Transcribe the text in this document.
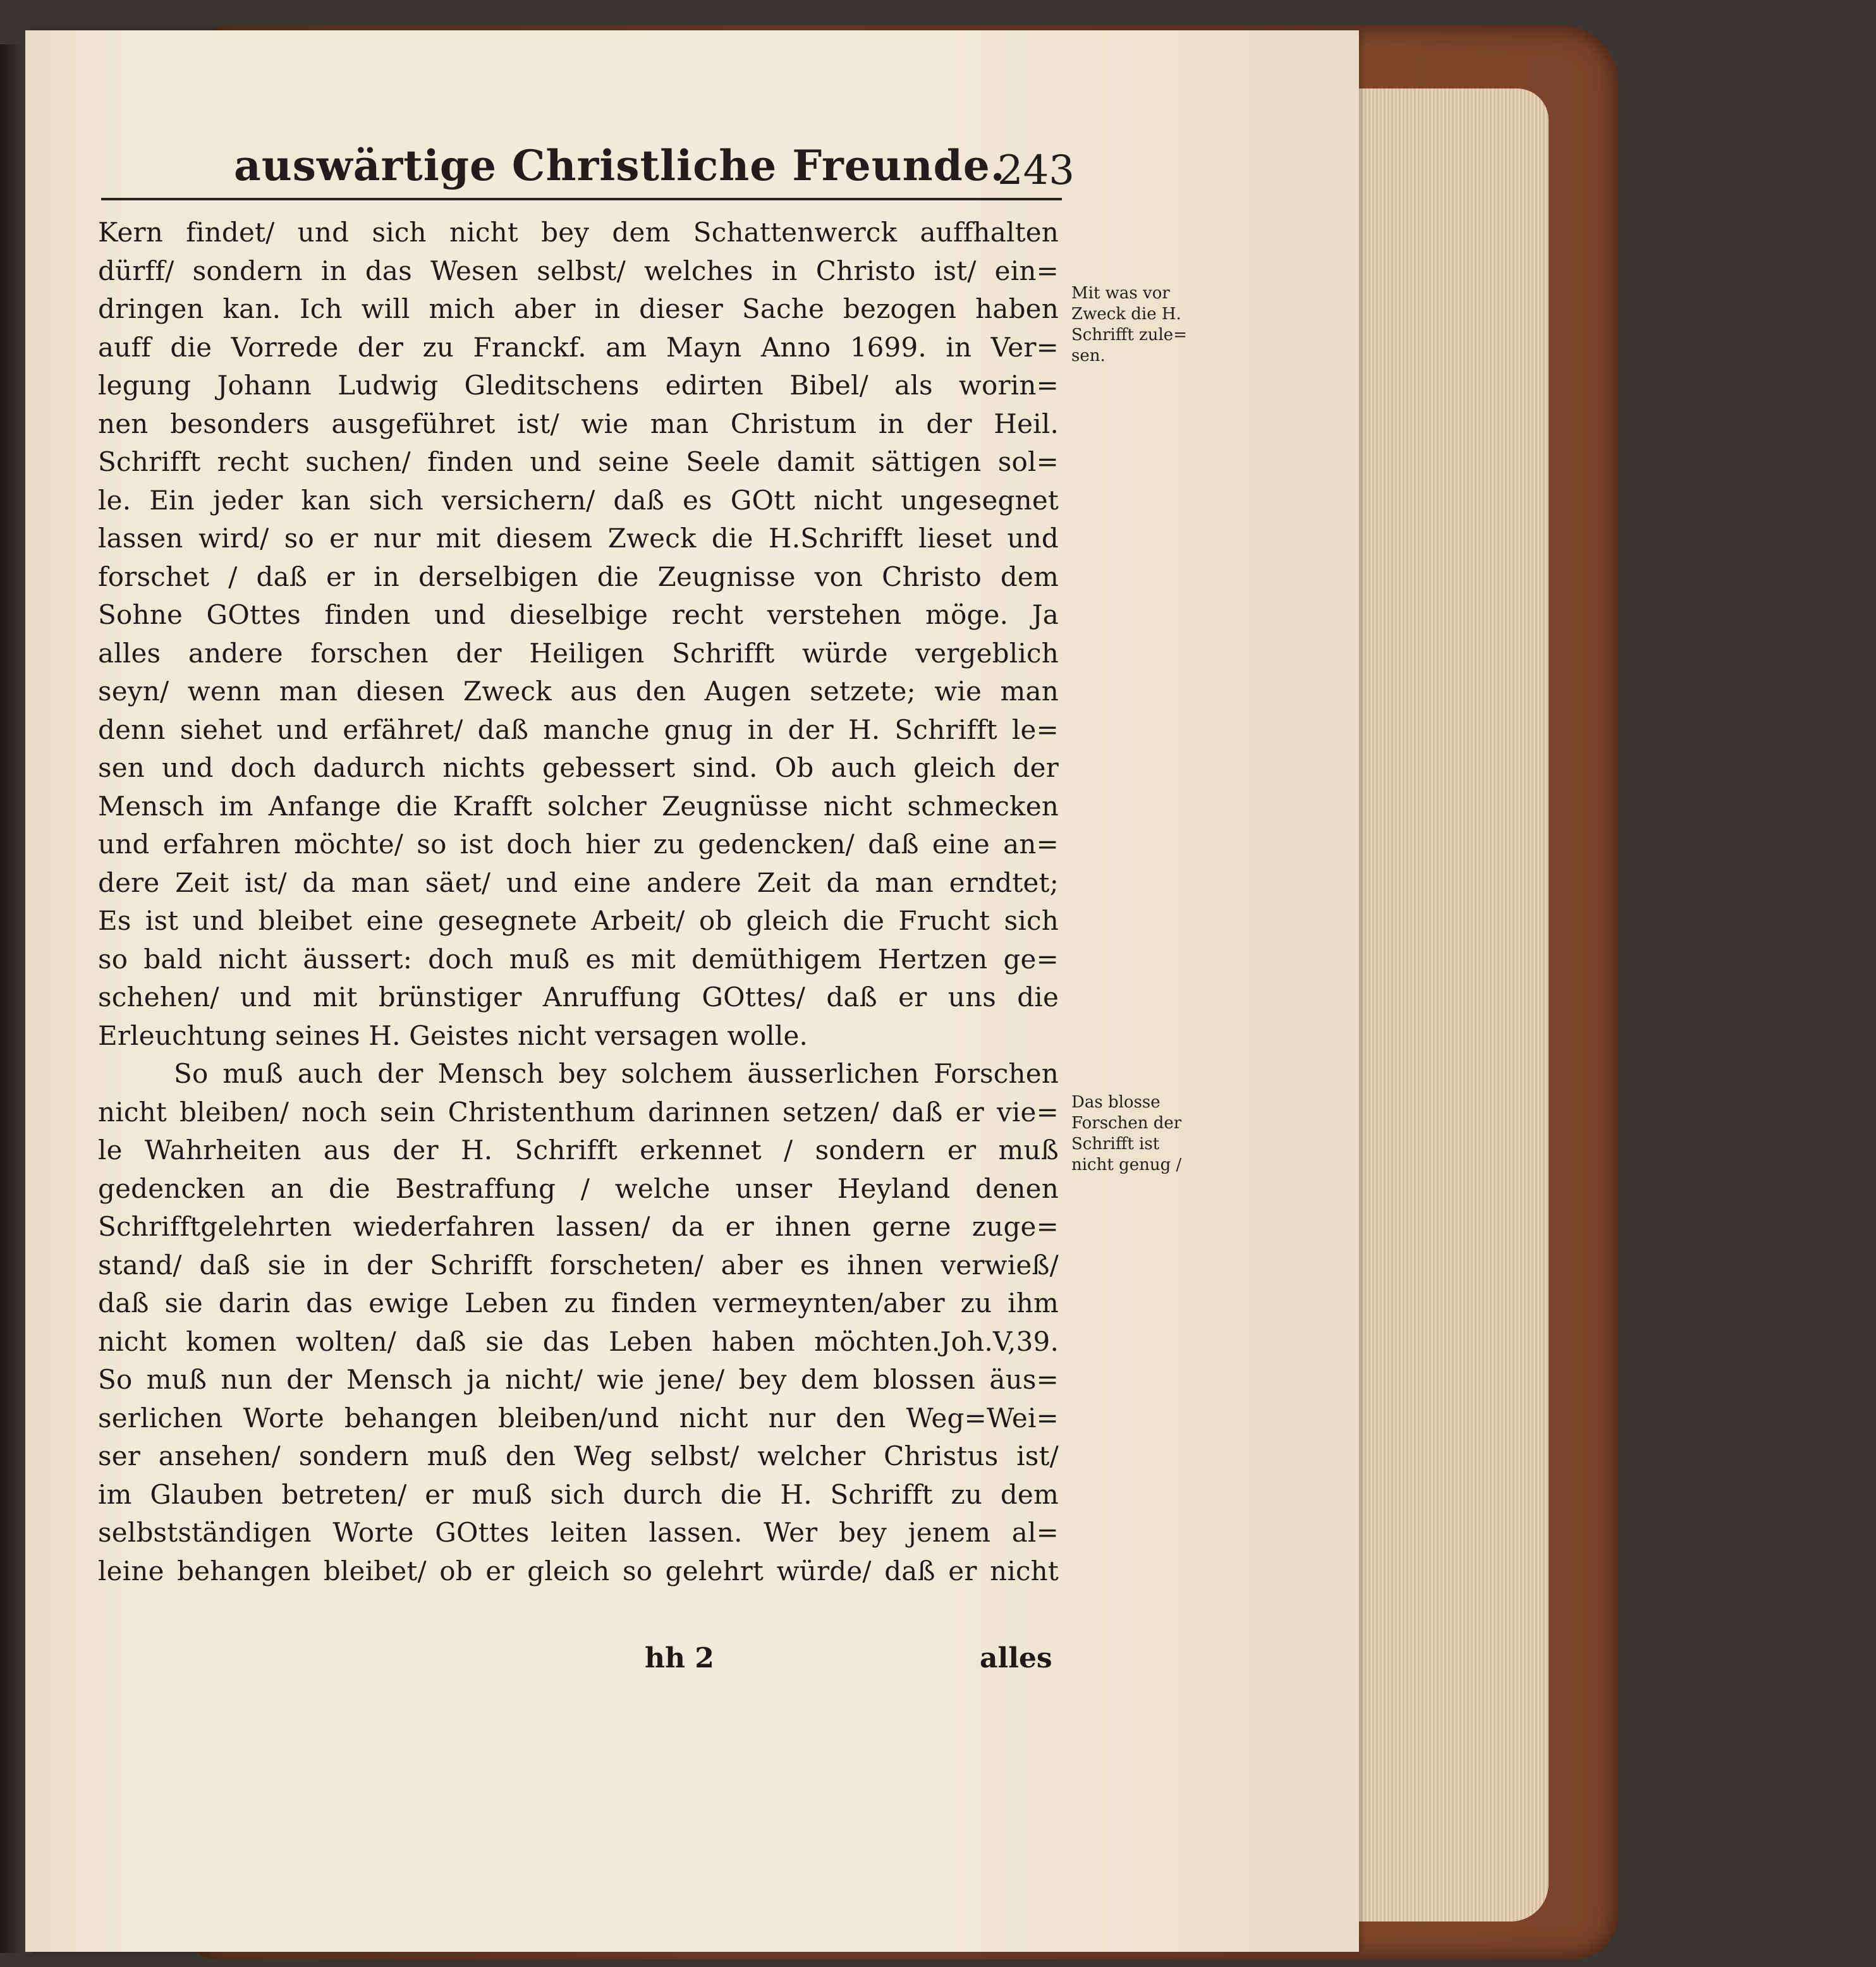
auswärtige Christliche Freunde.
243
Kern findet/ und sich nicht bey dem Schattenwerck auffhalten
dürff/ sondern in das Wesen selbst/ welches in Christo ist/ ein=
dringen kan. Ich will mich aber in dieser Sache bezogen haben
auff die Vorrede der zu Franckf. am Mayn Anno 1699. in Ver=
legung Johann Ludwig Gleditschens edirten Bibel/ als worin=
nen besonders ausgeführet ist/ wie man Christum in der Heil.
Schrifft recht suchen/ finden und seine Seele damit sättigen sol=
le. Ein jeder kan sich versichern/ daß es GOtt nicht ungesegnet
lassen wird/ so er nur mit diesem Zweck die H.Schrifft lieset und
forschet / daß er in derselbigen die Zeugnisse von Christo dem
Sohne GOttes finden und dieselbige recht verstehen möge. Ja
alles andere forschen der Heiligen Schrifft würde vergeblich
seyn/ wenn man diesen Zweck aus den Augen setzete; wie man
denn siehet und erfähret/ daß manche gnug in der H. Schrifft le=
sen und doch dadurch nichts gebessert sind. Ob auch gleich der
Mensch im Anfange die Krafft solcher Zeugnüsse nicht schmecken
und erfahren möchte/ so ist doch hier zu gedencken/ daß eine an=
dere Zeit ist/ da man säet/ und eine andere Zeit da man erndtet;
Es ist und bleibet eine gesegnete Arbeit/ ob gleich die Frucht sich
so bald nicht äussert: doch muß es mit demüthigem Hertzen ge=
schehen/ und mit brünstiger Anruffung GOttes/ daß er uns die
Erleuchtung seines H. Geistes nicht versagen wolle.
So muß auch der Mensch bey solchem äusserlichen Forschen
nicht bleiben/ noch sein Christenthum darinnen setzen/ daß er vie=
le Wahrheiten aus der H. Schrifft erkennet / sondern er muß
gedencken an die Bestraffung / welche unser Heyland denen
Schrifftgelehrten wiederfahren lassen/ da er ihnen gerne zuge=
stand/ daß sie in der Schrifft forscheten/ aber es ihnen verwieß/
daß sie darin das ewige Leben zu finden vermeynten/aber zu ihm
nicht komen wolten/ daß sie das Leben haben möchten.Joh.V,39.
So muß nun der Mensch ja nicht/ wie jene/ bey dem blossen äus=
serlichen Worte behangen bleiben/und nicht nur den Weg=Wei=
ser ansehen/ sondern muß den Weg selbst/ welcher Christus ist/
im Glauben betreten/ er muß sich durch die H. Schrifft zu dem
selbstständigen Worte GOttes leiten lassen. Wer bey jenem al=
leine behangen bleibet/ ob er gleich so gelehrt würde/ daß er nicht
Mit was vor
Zweck die H.
Schrifft zule=
sen.
Das blosse
Forschen der
Schrifft ist
nicht genug /
hh 2	alles
